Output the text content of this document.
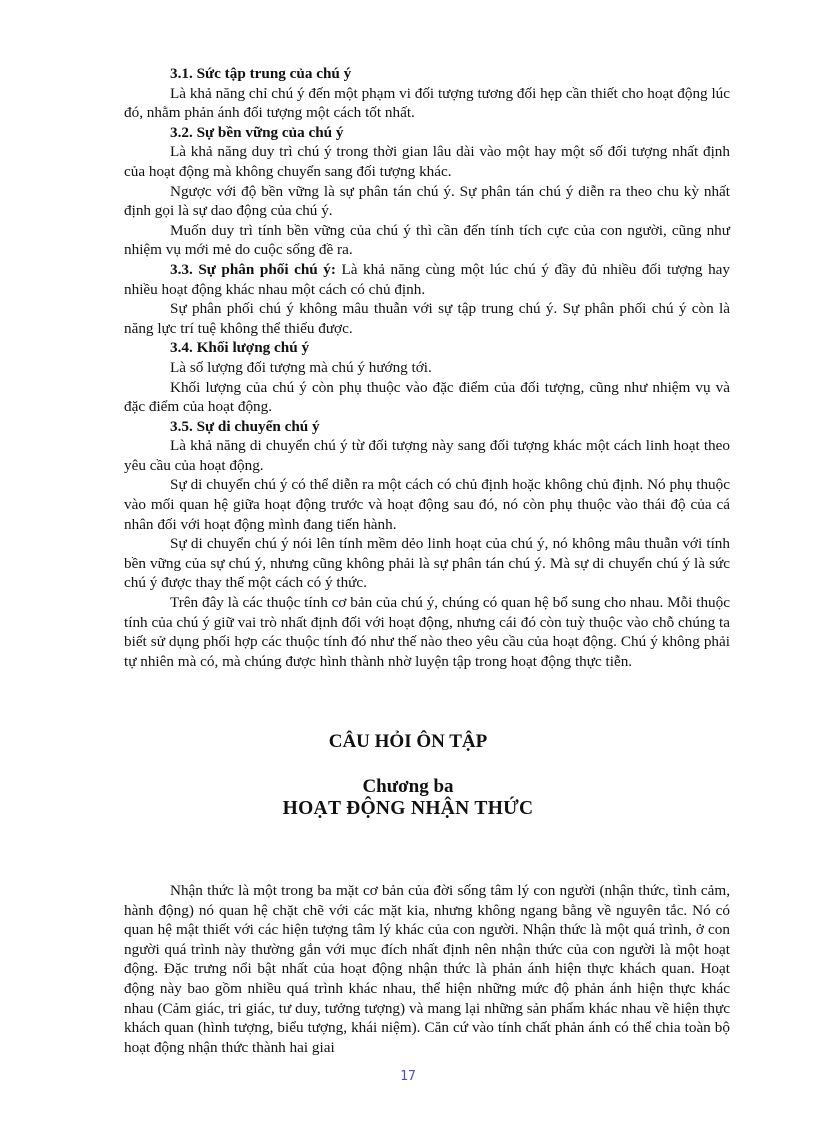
3.1. Sức tập trung của chú ý

Là khả năng chỉ chú ý đến một phạm vi đối tượng tương đối hẹp cần thiết cho hoạt động lúc đó, nhằm phản ánh đối tượng một cách tốt nhất.

3.2. Sự bền vững của chú ý

Là khả năng duy trì chú ý trong thời gian lâu dài vào một hay một số đối tượng nhất định của hoạt động mà không chuyển sang đối tượng khác.

Ngược với độ bền vững là sự phân tán chú ý. Sự phân tán chú ý diễn ra theo chu kỳ nhất định gọi là sự dao động của chú ý.

Muốn duy trì tính bền vững của chú ý thì cần đến tính tích cực của con người, cũng như nhiệm vụ mới mẻ do cuộc sống đề ra.

3.3. Sự phân phối chú ý: Là khả năng cùng một lúc chú ý đầy đủ nhiều đối tượng hay nhiều hoạt động khác nhau một cách có chủ định.

Sự phân phối chú ý không mâu thuẫn với sự tập trung chú ý. Sự phân phối chú ý còn là năng lực trí tuệ không thể thiếu được.

3.4. Khối lượng chú ý

Là số lượng đối tượng mà chú ý hướng tới.

Khối lượng của chú ý còn phụ thuộc vào đặc điểm của đối tượng, cũng như nhiệm vụ và đặc điểm của hoạt động.

3.5. Sự di chuyển chú ý

Là khả năng di chuyển chú ý từ đối tượng này sang đối tượng khác một cách linh hoạt theo yêu cầu của hoạt động.

Sự di chuyển chú ý có thể diễn ra một cách có chủ định hoặc không chủ định. Nó phụ thuộc vào mối quan hệ giữa hoạt động trước và hoạt động sau đó, nó còn phụ thuộc vào thái độ của cá nhân đối với hoạt động mình đang tiến hành.

Sự di chuyển chú ý nói lên tính mềm dẻo linh hoạt của chú ý, nó không mâu thuẫn với tính bền vững của sự chú ý, nhưng cũng không phải là sự phân tán chú ý. Mà sự di chuyển chú ý là sức chú ý được thay thế một cách có ý thức.

Trên đây là các thuộc tính cơ bản của chú ý, chúng có quan hệ bổ sung cho nhau. Mỗi thuộc tính của chú ý giữ vai trò nhất định đối với hoạt động, nhưng cái đó còn tuỳ thuộc vào chỗ chúng ta biết sử dụng phối hợp các thuộc tính đó như thế nào theo yêu cầu của hoạt động. Chú ý không phải tự nhiên mà có, mà chúng được hình thành nhờ luyện tập trong hoạt động thực tiễn.

CÂU HỎI ÔN TẬP
Chương ba
HOẠT ĐỘNG NHẬN THỨC

Nhận thức là một trong ba mặt cơ bản của đời sống tâm lý con người (nhận thức, tình cảm, hành động) nó quan hệ chặt chẽ với các mặt kia, nhưng không ngang bằng về nguyên tắc. Nó có quan hệ mật thiết với các hiện tượng tâm lý khác của con người. Nhận thức là một quá trình, ở con người quá trình này thường gắn với mục đích nhất định nên nhận thức của con người là một hoạt động. Đặc trưng nổi bật nhất của hoạt động nhận thức là phản ánh hiện thực khách quan. Hoạt động này bao gồm nhiều quá trình khác nhau, thể hiện những mức độ phản ánh hiện thực khác nhau (Cảm giác, tri giác, tư duy, tưởng tượng) và mang lại những sản phẩm khác nhau về hiện thực khách quan (hình tượng, biểu tượng, khái niệm). Căn cứ vào tính chất phản ánh có thể chia toàn bộ hoạt động nhận thức thành hai giai

17
